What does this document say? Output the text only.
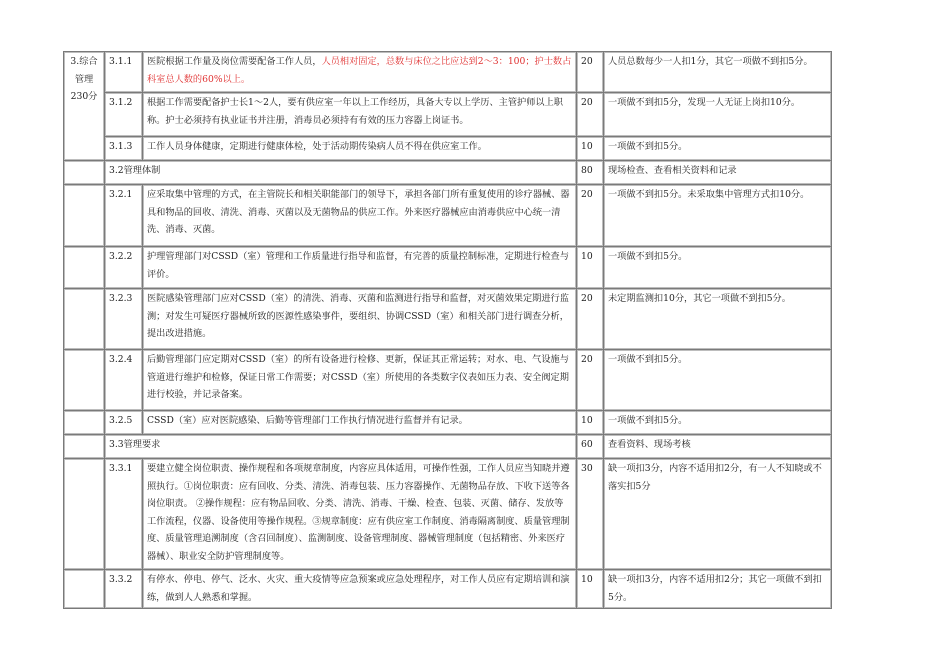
3.综合
管理
230分	3.1.1	医院根据工作量及岗位需要配备工作人员，人员相对固定，总数与床位之比应达到2～3：100；护士数占科室总人数的60%以上。	20	人员总数每少一人扣1分，其它一项做不到扣5分。
	3.1.2	根据工作需要配备护士长1～2人，要有供应室一年以上工作经历，具备大专以上学历、主管护师以上职称。护士必须持有执业证书并注册，消毒员必须持有有效的压力容器上岗证书。	20	一项做不到扣5分，发现一人无证上岗扣10分。
	3.1.3	工作人员身体健康，定期进行健康体检，处于活动期传染病人员不得在供应室工作。	10	一项做不到扣5分。
	3.2管理体制		80	现场检查、查看相关资料和记录
	3.2.1	应采取集中管理的方式，在主管院长和相关职能部门的领导下，承担各部门所有重复使用的诊疗器械、器具和物品的回收、清洗、消毒、灭菌以及无菌物品的供应工作。外来医疗器械应由消毒供应中心统一清洗、消毒、灭菌。	20	一项做不到扣5分。未采取集中管理方式扣10分。
	3.2.2	护理管理部门对CSSD（室）管理和工作质量进行指导和监督，有完善的质量控制标准，定期进行检查与评价。	10	一项做不到扣5分。
	3.2.3	医院感染管理部门应对CSSD（室）的清洗、消毒、灭菌和监测进行指导和监督，对灭菌效果定期进行监测；对发生可疑医疗器械所致的医源性感染事件，要组织、协调CSSD（室）和相关部门进行调查分析，提出改进措施。	20	未定期监测扣10分，其它一项做不到扣5分。
	3.2.4	后勤管理部门应定期对CSSD（室）的所有设备进行检修、更新，保证其正常运转；对水、电、气设施与管道进行维护和检修，保证日常工作需要；对CSSD（室）所使用的各类数字仪表如压力表、安全阀定期进行校验，并记录备案。	20	一项做不到扣5分。
	3.2.5	CSSD（室）应对医院感染、后勤等管理部门工作执行情况进行监督并有记录。	10	一项做不到扣5分。
	3.3管理要求		60	查看资料、现场考核
	3.3.1	要建立健全岗位职责、操作规程和各项规章制度，内容应具体适用，可操作性强，工作人员应当知晓并遵照执行。①岗位职责：应有回收、分类、清洗、消毒包装、压力容器操作、无菌物品存放、下收下送等各岗位职责。 ②操作规程：应有物品回收、分类、清洗、消毒、干燥、检查、包装、灭菌、储存、发放等工作流程，仪器、设备使用等操作规程。③规章制度：应有供应室工作制度、消毒隔离制度、质量管理制度、质量管理追溯制度（含召回制度）、监测制度、设备管理制度、器械管理制度（包括精密、外来医疗器械）、职业安全防护管理制度等。	30	缺一项扣3分，内容不适用扣2分，有一人不知晓或不落实扣5分
	3.3.2	有停水、停电、停气、泛水、火灾、重大疫情等应急预案或应急处理程序，对工作人员应有定期培训和演练，做到人人熟悉和掌握。	10	缺一项扣3分，内容不适用扣2分；其它一项做不到扣5分。
